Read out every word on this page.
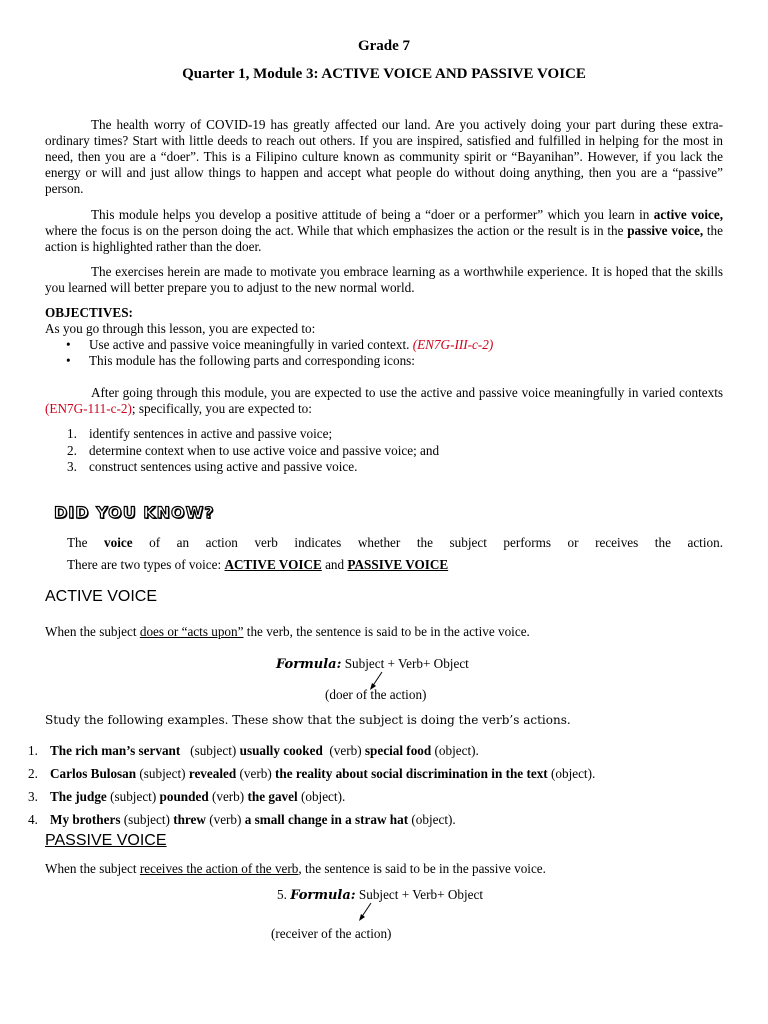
Grade 7
Quarter 1, Module 3: ACTIVE VOICE AND PASSIVE VOICE
The health worry of COVID-19 has greatly affected our land. Are you actively doing your part during these extra-ordinary times? Start with little deeds to reach out others. If you are inspired, satisfied and fulfilled in helping for the most in need, then you are a “doer”. This is a Filipino culture known as community spirit or “Bayanihan”. However, if you lack the energy or will and just allow things to happen and accept what people do without doing anything, then you are a “passive” person.
This module helps you develop a positive attitude of being a “doer or a performer” which you learn in active voice, where the focus is on the person doing the act. While that which emphasizes the action or the result is in the passive voice, the action is highlighted rather than the doer.
The exercises herein are made to motivate you embrace learning as a worthwhile experience. It is hoped that the skills you learned will better prepare you to adjust to the new normal world.
OBJECTIVES:
As you go through this lesson, you are expected to:
• Use active and passive voice meaningfully in varied context. (EN7G-III-c-2)
• This module has the following parts and corresponding icons:
After going through this module, you are expected to use the active and passive voice meaningfully in varied contexts (EN7G-111-c-2); specifically, you are expected to:
1. identify sentences in active and passive voice;
2. determine context when to use active voice and passive voice; and
3. construct sentences using active and passive voice.
DID YOU KNOW?
The voice of an action verb indicates whether the subject performs or receives the action.
There are two types of voice: ACTIVE VOICE and PASSIVE VOICE
ACTIVE VOICE
When the subject does or “acts upon” the verb, the sentence is said to be in the active voice.
Formula: Subject + Verb+ Object
(doer of the action)
Study the following examples. These show that the subject is doing the verb’s actions.
1. The rich man’s servant   (subject) usually cooked  (verb) special food (object).
2. Carlos Bulosan (subject) revealed (verb) the reality about social discrimination in the text (object).
3. The judge (subject) pounded (verb) the gavel (object).
4. My brothers (subject) threw (verb) a small change in a straw hat (object).
PASSIVE VOICE
When the subject receives the action of the verb, the sentence is said to be in the passive voice.
5. Formula: Subject + Verb+ Object
(receiver of the action)
